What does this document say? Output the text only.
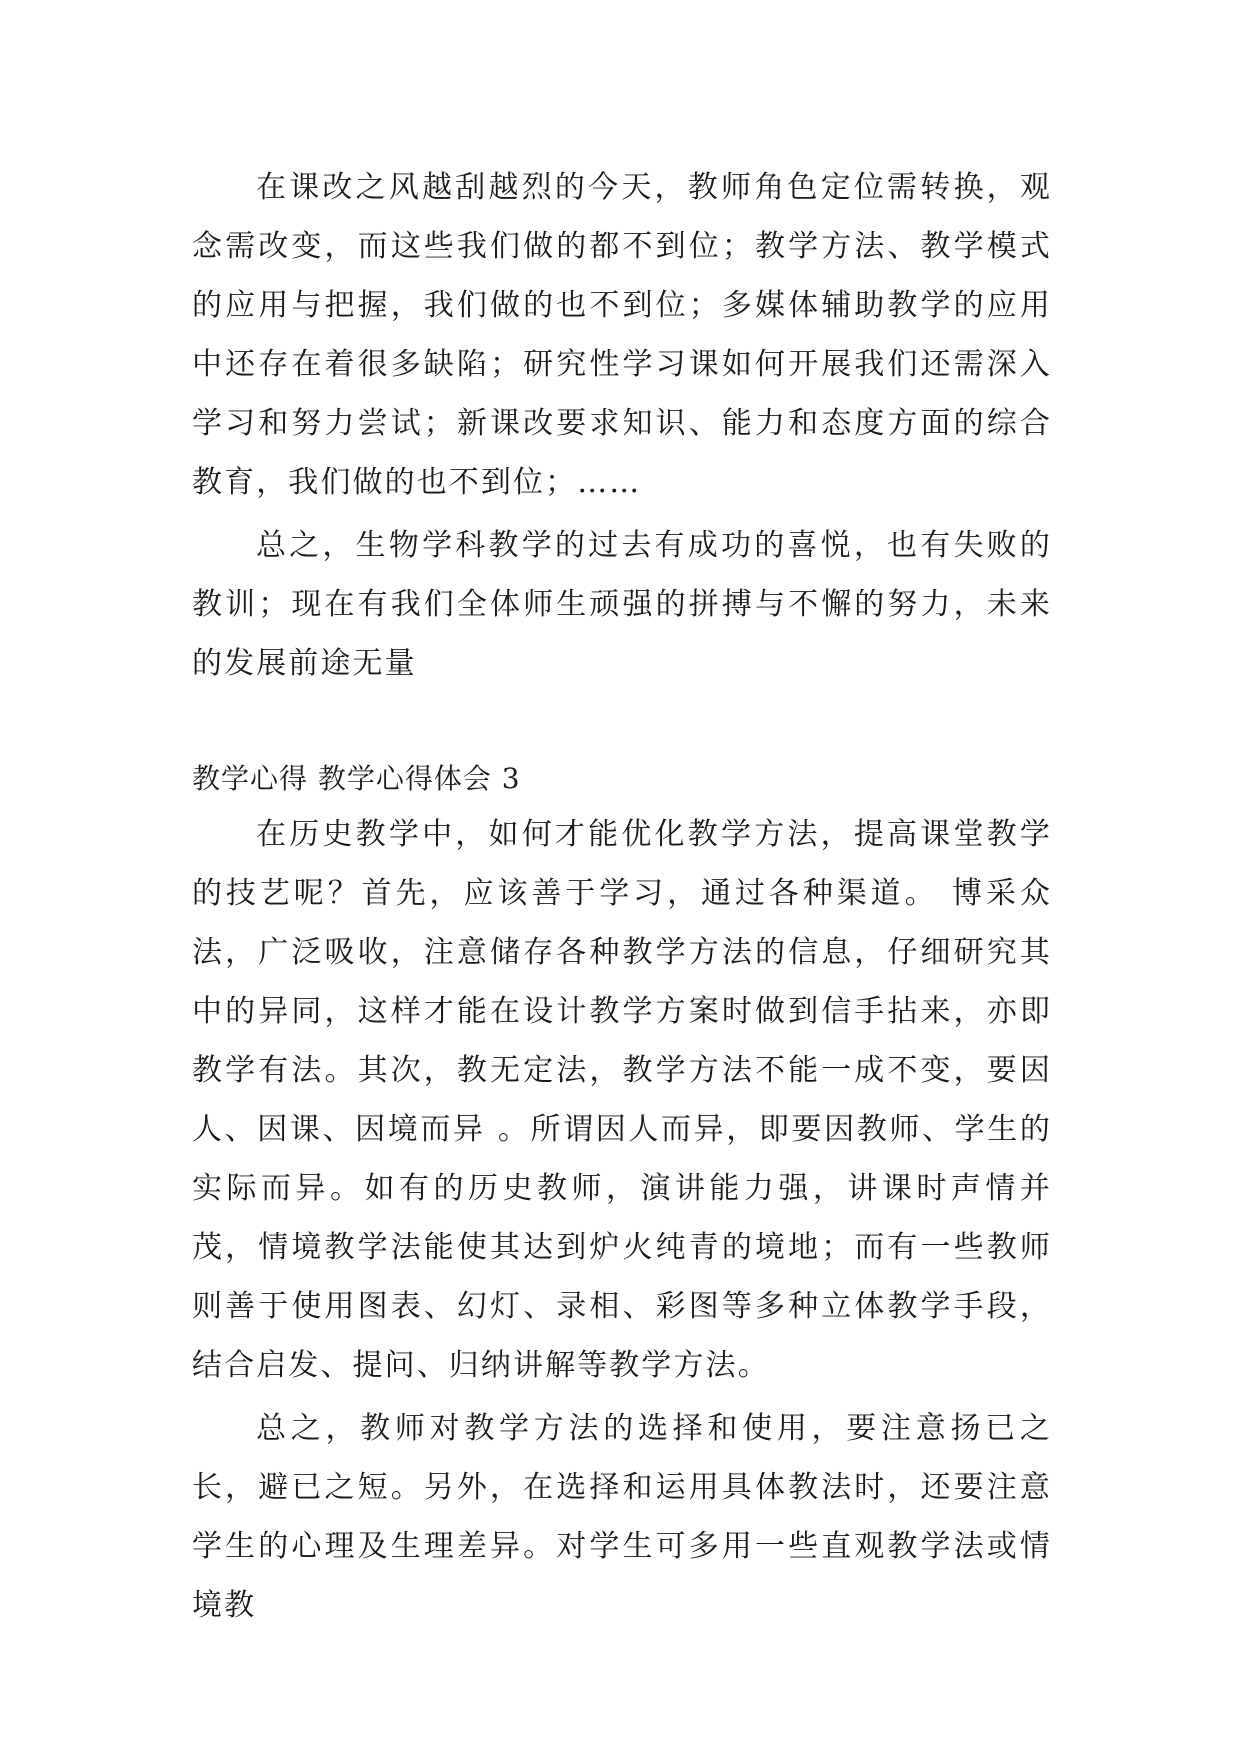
在课改之风越刮越烈的今天，教师角色定位需转换，观念需改变，而这些我们做的都不到位；教学方法、教学模式的应用与把握，我们做的也不到位；多媒体辅助教学的应用中还存在着很多缺陷；研究性学习课如何开展我们还需深入学习和努力尝试；新课改要求知识、能力和态度方面的综合教育，我们做的也不到位；……

总之，生物学科教学的过去有成功的喜悦，也有失败的教训；现在有我们全体师生顽强的拼搏与不懈的努力，未来的发展前途无量

教学心得 教学心得体会 3

在历史教学中，如何才能优化教学方法，提高课堂教学的技艺呢？首先，应该善于学习，通过各种渠道。 博采众法，广泛吸收，注意储存各种教学方法的信息，仔细研究其中的异同，这样才能在设计教学方案时做到信手拈来，亦即教学有法。其次，教无定法，教学方法不能一成不变，要因人、因课、因境而异 。所谓因人而异，即要因教师、学生的实际而异。如有的历史教师，演讲能力强，讲课时声情并茂，情境教学法能使其达到炉火纯青的境地；而有一些教师则善于使用图表、幻灯、录相、彩图等多种立体教学手段，结合启发、提问、归纳讲解等教学方法。

总之，教师对教学方法的选择和使用，要注意扬已之长，避已之短。另外，在选择和运用具体教法时，还要注意学生的心理及生理差异。对学生可多用一些直观教学法或情境教
